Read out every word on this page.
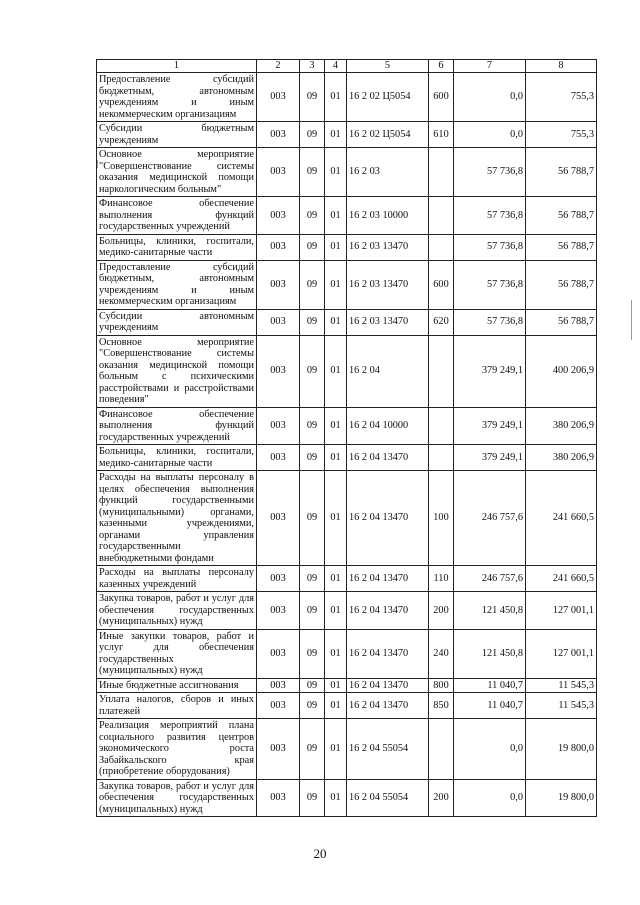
1	2	3	4	5	6	7	8
Предоставление субсидий бюджетным, автономным учреждениям и иным некоммерческим организациям	003	09	01	16 2 02 Ц5054	600	0,0	755,3
Субсидии бюджетным учреждениям	003	09	01	16 2 02 Ц5054	610	0,0	755,3
Основное мероприятие "Совершенствование системы оказания медицинской помощи наркологическим больным"	003	09	01	16 2 03		57 736,8	56 788,7
Финансовое обеспечение выполнения функций государственных учреждений	003	09	01	16 2 03 10000		57 736,8	56 788,7
Больницы, клиники, госпитали, медико-санитарные части	003	09	01	16 2 03 13470		57 736,8	56 788,7
Предоставление субсидий бюджетным, автономным учреждениям и иным некоммерческим организациям	003	09	01	16 2 03 13470	600	57 736,8	56 788,7
Субсидии автономным учреждениям	003	09	01	16 2 03 13470	620	57 736,8	56 788,7
Основное мероприятие "Совершенствование системы оказания медицинской помощи больным с психическими расстройствами и расстройствами поведения"	003	09	01	16 2 04		379 249,1	400 206,9
Финансовое обеспечение выполнения функций государственных учреждений	003	09	01	16 2 04 10000		379 249,1	380 206,9
Больницы, клиники, госпитали, медико-санитарные части	003	09	01	16 2 04 13470		379 249,1	380 206,9
Расходы на выплаты персоналу в целях обеспечения выполнения функций государственными (муниципальными) органами, казенными учреждениями, органами управления государственными внебюджетными фондами	003	09	01	16 2 04 13470	100	246 757,6	241 660,5
Расходы на выплаты персоналу казенных учреждений	003	09	01	16 2 04 13470	110	246 757,6	241 660,5
Закупка товаров, работ и услуг для обеспечения государственных (муниципальных) нужд	003	09	01	16 2 04 13470	200	121 450,8	127 001,1
Иные закупки товаров, работ и услуг для обеспечения государственных (муниципальных) нужд	003	09	01	16 2 04 13470	240	121 450,8	127 001,1
Иные бюджетные ассигнования	003	09	01	16 2 04 13470	800	11 040,7	11 545,3
Уплата налогов, сборов и иных платежей	003	09	01	16 2 04 13470	850	11 040,7	11 545,3
Реализация мероприятий плана социального развития центров экономического роста Забайкальского края (приобретение оборудования)	003	09	01	16 2 04 55054		0,0	19 800,0
Закупка товаров, работ и услуг для обеспечения государственных (муниципальных) нужд	003	09	01	16 2 04 55054	200	0,0	19 800,0
20
